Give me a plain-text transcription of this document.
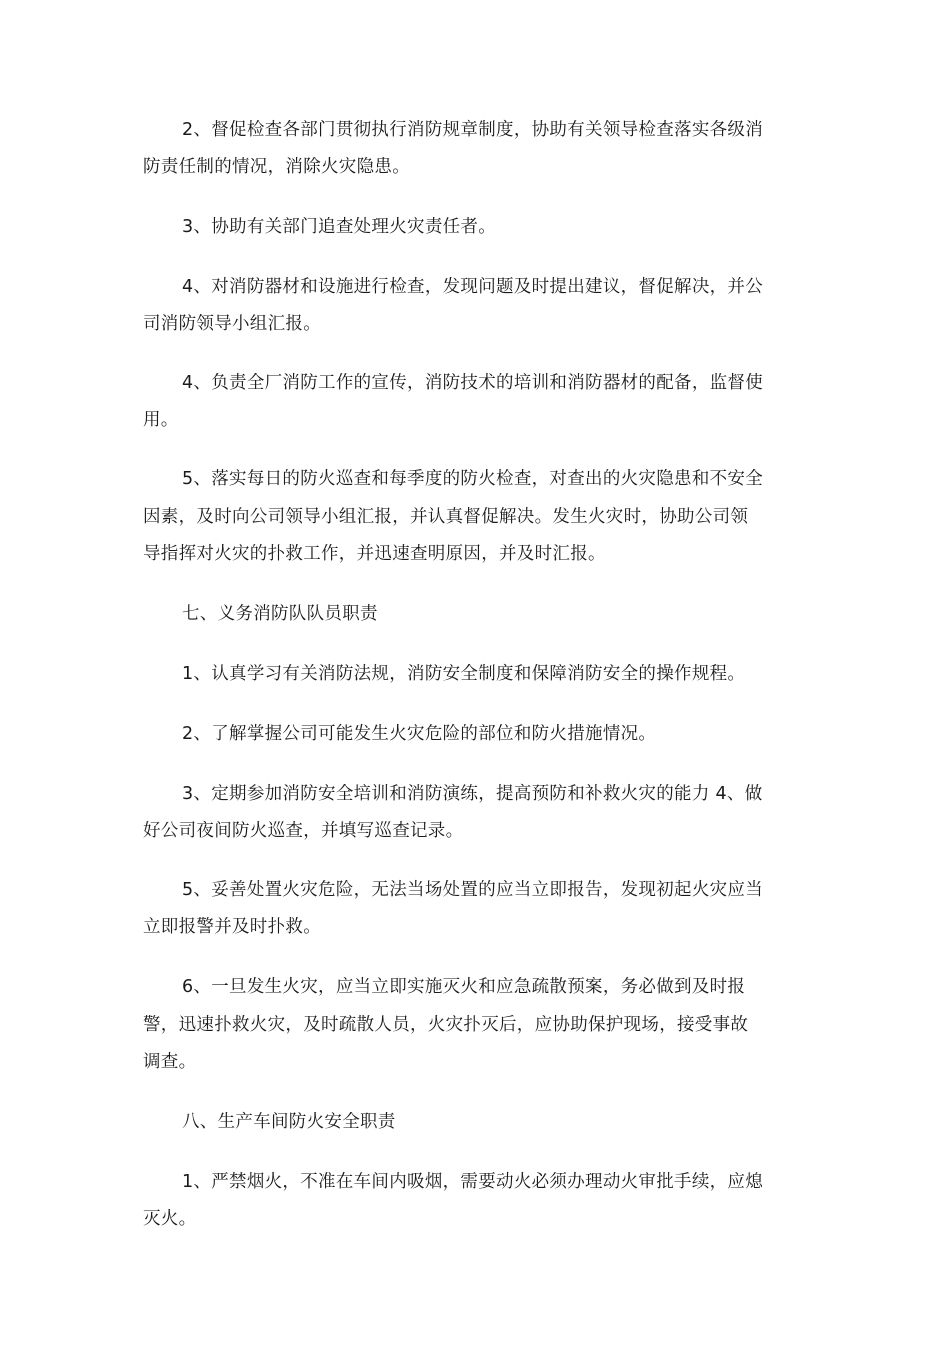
2、督促检查各部门贯彻执行消防规章制度，协助有关领导检查落实各级消
防责任制的情况，消除火灾隐患。
3、协助有关部门追查处理火灾责任者。
4、对消防器材和设施进行检查，发现问题及时提出建议，督促解决，并公
司消防领导小组汇报。
4、负责全厂消防工作的宣传，消防技术的培训和消防器材的配备，监督使
用。
5、落实每日的防火巡查和每季度的防火检查，对查出的火灾隐患和不安全
因素，及时向公司领导小组汇报，并认真督促解决。发生火灾时，协助公司领
导指挥对火灾的扑救工作，并迅速查明原因，并及时汇报。
七、义务消防队队员职责
1、认真学习有关消防法规，消防安全制度和保障消防安全的操作规程。
2、了解掌握公司可能发生火灾危险的部位和防火措施情况。
3、定期参加消防安全培训和消防演练，提高预防和补救火灾的能力 4、做
好公司夜间防火巡查，并填写巡查记录。
5、妥善处置火灾危险，无法当场处置的应当立即报告，发现初起火灾应当
立即报警并及时扑救。
6、一旦发生火灾，应当立即实施灭火和应急疏散预案，务必做到及时报
警，迅速扑救火灾，及时疏散人员，火灾扑灭后，应协助保护现场，接受事故
调查。
八、生产车间防火安全职责
1、严禁烟火，不准在车间内吸烟，需要动火必须办理动火审批手续，应熄
灭火。
